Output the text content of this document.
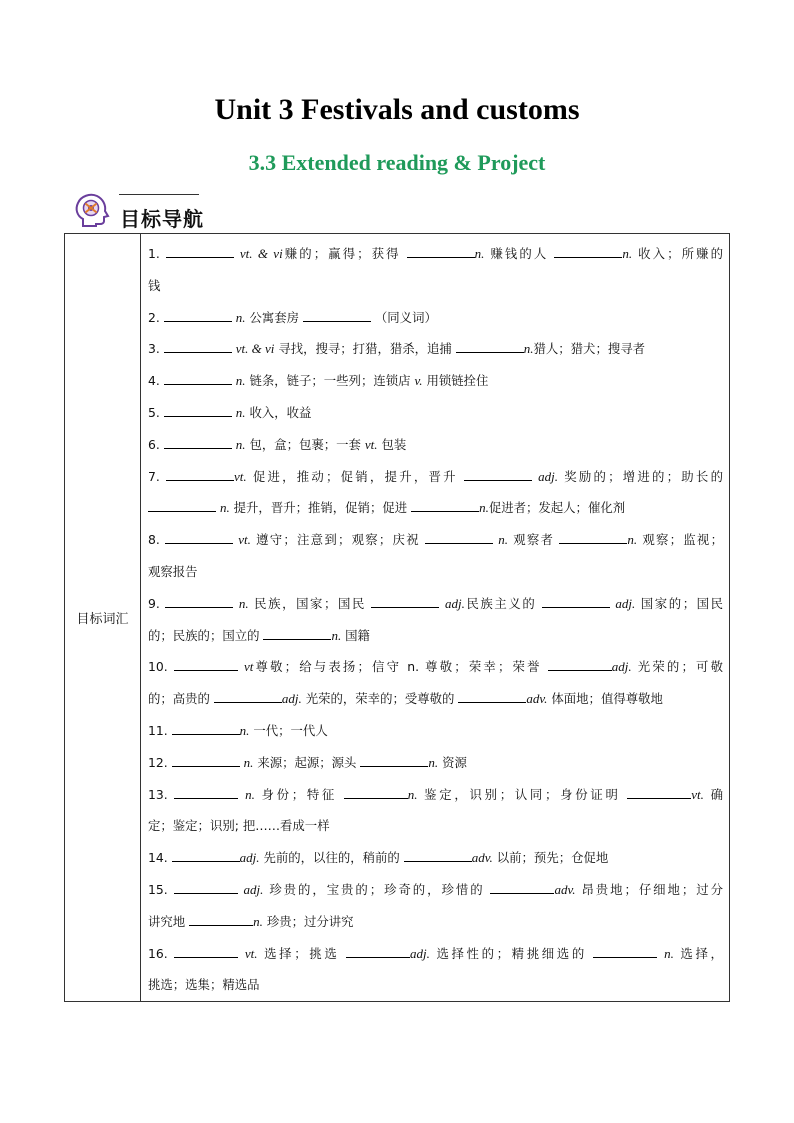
Unit 3 Festivals and customs
3.3 Extended reading & Project
目标导航
目标词汇	
1.	vt. & vi赚的；赢得；获得	n. 赚钱的人	n. 收入；所赚的
钱
2.	n. 公寓套房	（同义词）
3.	vt. & vi 寻找，搜寻；打猎，猎杀，追捕	n.猎人；猎犬；搜寻者
4.	n. 链条，链子；一些列；连锁店 v. 用锁链拴住
5.	n. 收入，收益
6.	n. 包，盒；包裹；一套 vt. 包装
7.	vt. 促进，推动；促销，提升，晋升	adj. 奖励的；增进的；助长的
n. 提升，晋升；推销，促销；促进	n.促进者；发起人；催化剂
8.	vt. 遵守；注意到；观察；庆祝	n. 观察者	n. 观察；监视；
观察报告
9.	n. 民族，国家；国民	adj.民族主义的	adj. 国家的；国民
的；民族的；国立的	n. 国籍
10.	vt尊敬；给与表扬；信守 n. 尊敬；荣幸；荣誉	adj. 光荣的；可敬
的；高贵的	adj. 光荣的，荣幸的；受尊敬的	adv. 体面地；值得尊敬地
11.	n. 一代；一代人
12.	n. 来源；起源；源头	n. 资源
13.	n. 身份；特征	n. 鉴定，识别；认同；身份证明	vt. 确
定；鉴定；识别; 把……看成一样
14.	adj. 先前的，以往的，稍前的	adv. 以前；预先；仓促地
15.	adj. 珍贵的，宝贵的；珍奇的，珍惜的	adv. 昂贵地；仔细地；过分
讲究地	n. 珍贵；过分讲究
16.	vt. 选择；挑选	adj. 选择性的；精挑细选的	n. 选择，
挑选；选集；精选品
